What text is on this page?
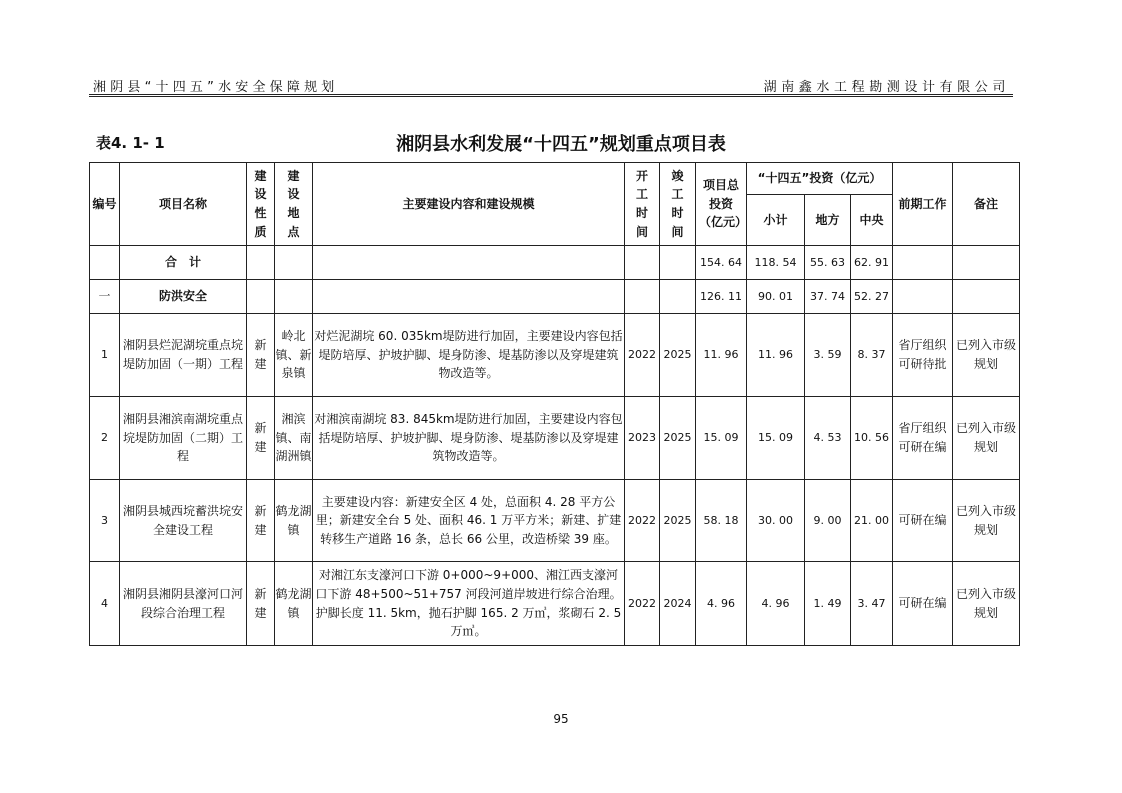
湘阴县“十四五”水安全保障规划	湖南鑫水工程勘测设计有限公司
表4. 1- 1	湘阴县水利发展“十四五”规划重点项目表
编号	项目名称	建设性质	建设地点	主要建设内容和建设规模	开工时间	竣工时间	项目总投资（亿元）	“十四五”投资（亿元）			前期工作	备注
								小计	地方	中央		
	合　计						154. 64	118. 54	55. 63	62. 91		
一	防洪安全						126. 11	90. 01	37. 74	52. 27		
1	湘阴县烂泥湖垸重点垸堤防加固（一期）工程	新建	岭北镇、新泉镇	对烂泥湖垸 60. 035km堤防进行加固，主要建设内容包括堤防培厚、护坡护脚、堤身防渗、堤基防渗以及穿堤建筑物改造等。	2022	2025	11. 96	11. 96	3. 59	8. 37	省厅组织可研待批	已列入市级规划
2	湘阴县湘滨南湖垸重点垸堤防加固（二期）工程	新建	湘滨镇、南湖洲镇	对湘滨南湖垸 83. 845km堤防进行加固，主要建设内容包括堤防培厚、护坡护脚、堤身防渗、堤基防渗以及穿堤建筑物改造等。	2023	2025	15. 09	15. 09	4. 53	10. 56	省厅组织可研在编	已列入市级规划
3	湘阴县城西垸蓄洪垸安全建设工程	新建	鹤龙湖镇	主要建设内容：新建安全区 4 处，总面积 4. 28 平方公里；新建安全台 5 处、面积 46. 1 万平方米；新建、扩建转移生产道路 16 条，总长 66 公里，改造桥梁 39 座。	2022	2025	58. 18	30. 00	9. 00	21. 00	可研在编	已列入市级规划
4	湘阴县湘阴县濠河口河段综合治理工程	新建	鹤龙湖镇	对湘江东支濠河口下游 0+000~9+000、湘江西支濠河口下游 48+500~51+757 河段河道岸坡进行综合治理。护脚长度 11. 5km，抛石护脚 165. 2 万㎥，浆砌石 2. 5 万㎥。	2022	2024	4. 96	4. 96	1. 49	3. 47	可研在编	已列入市级规划
95
